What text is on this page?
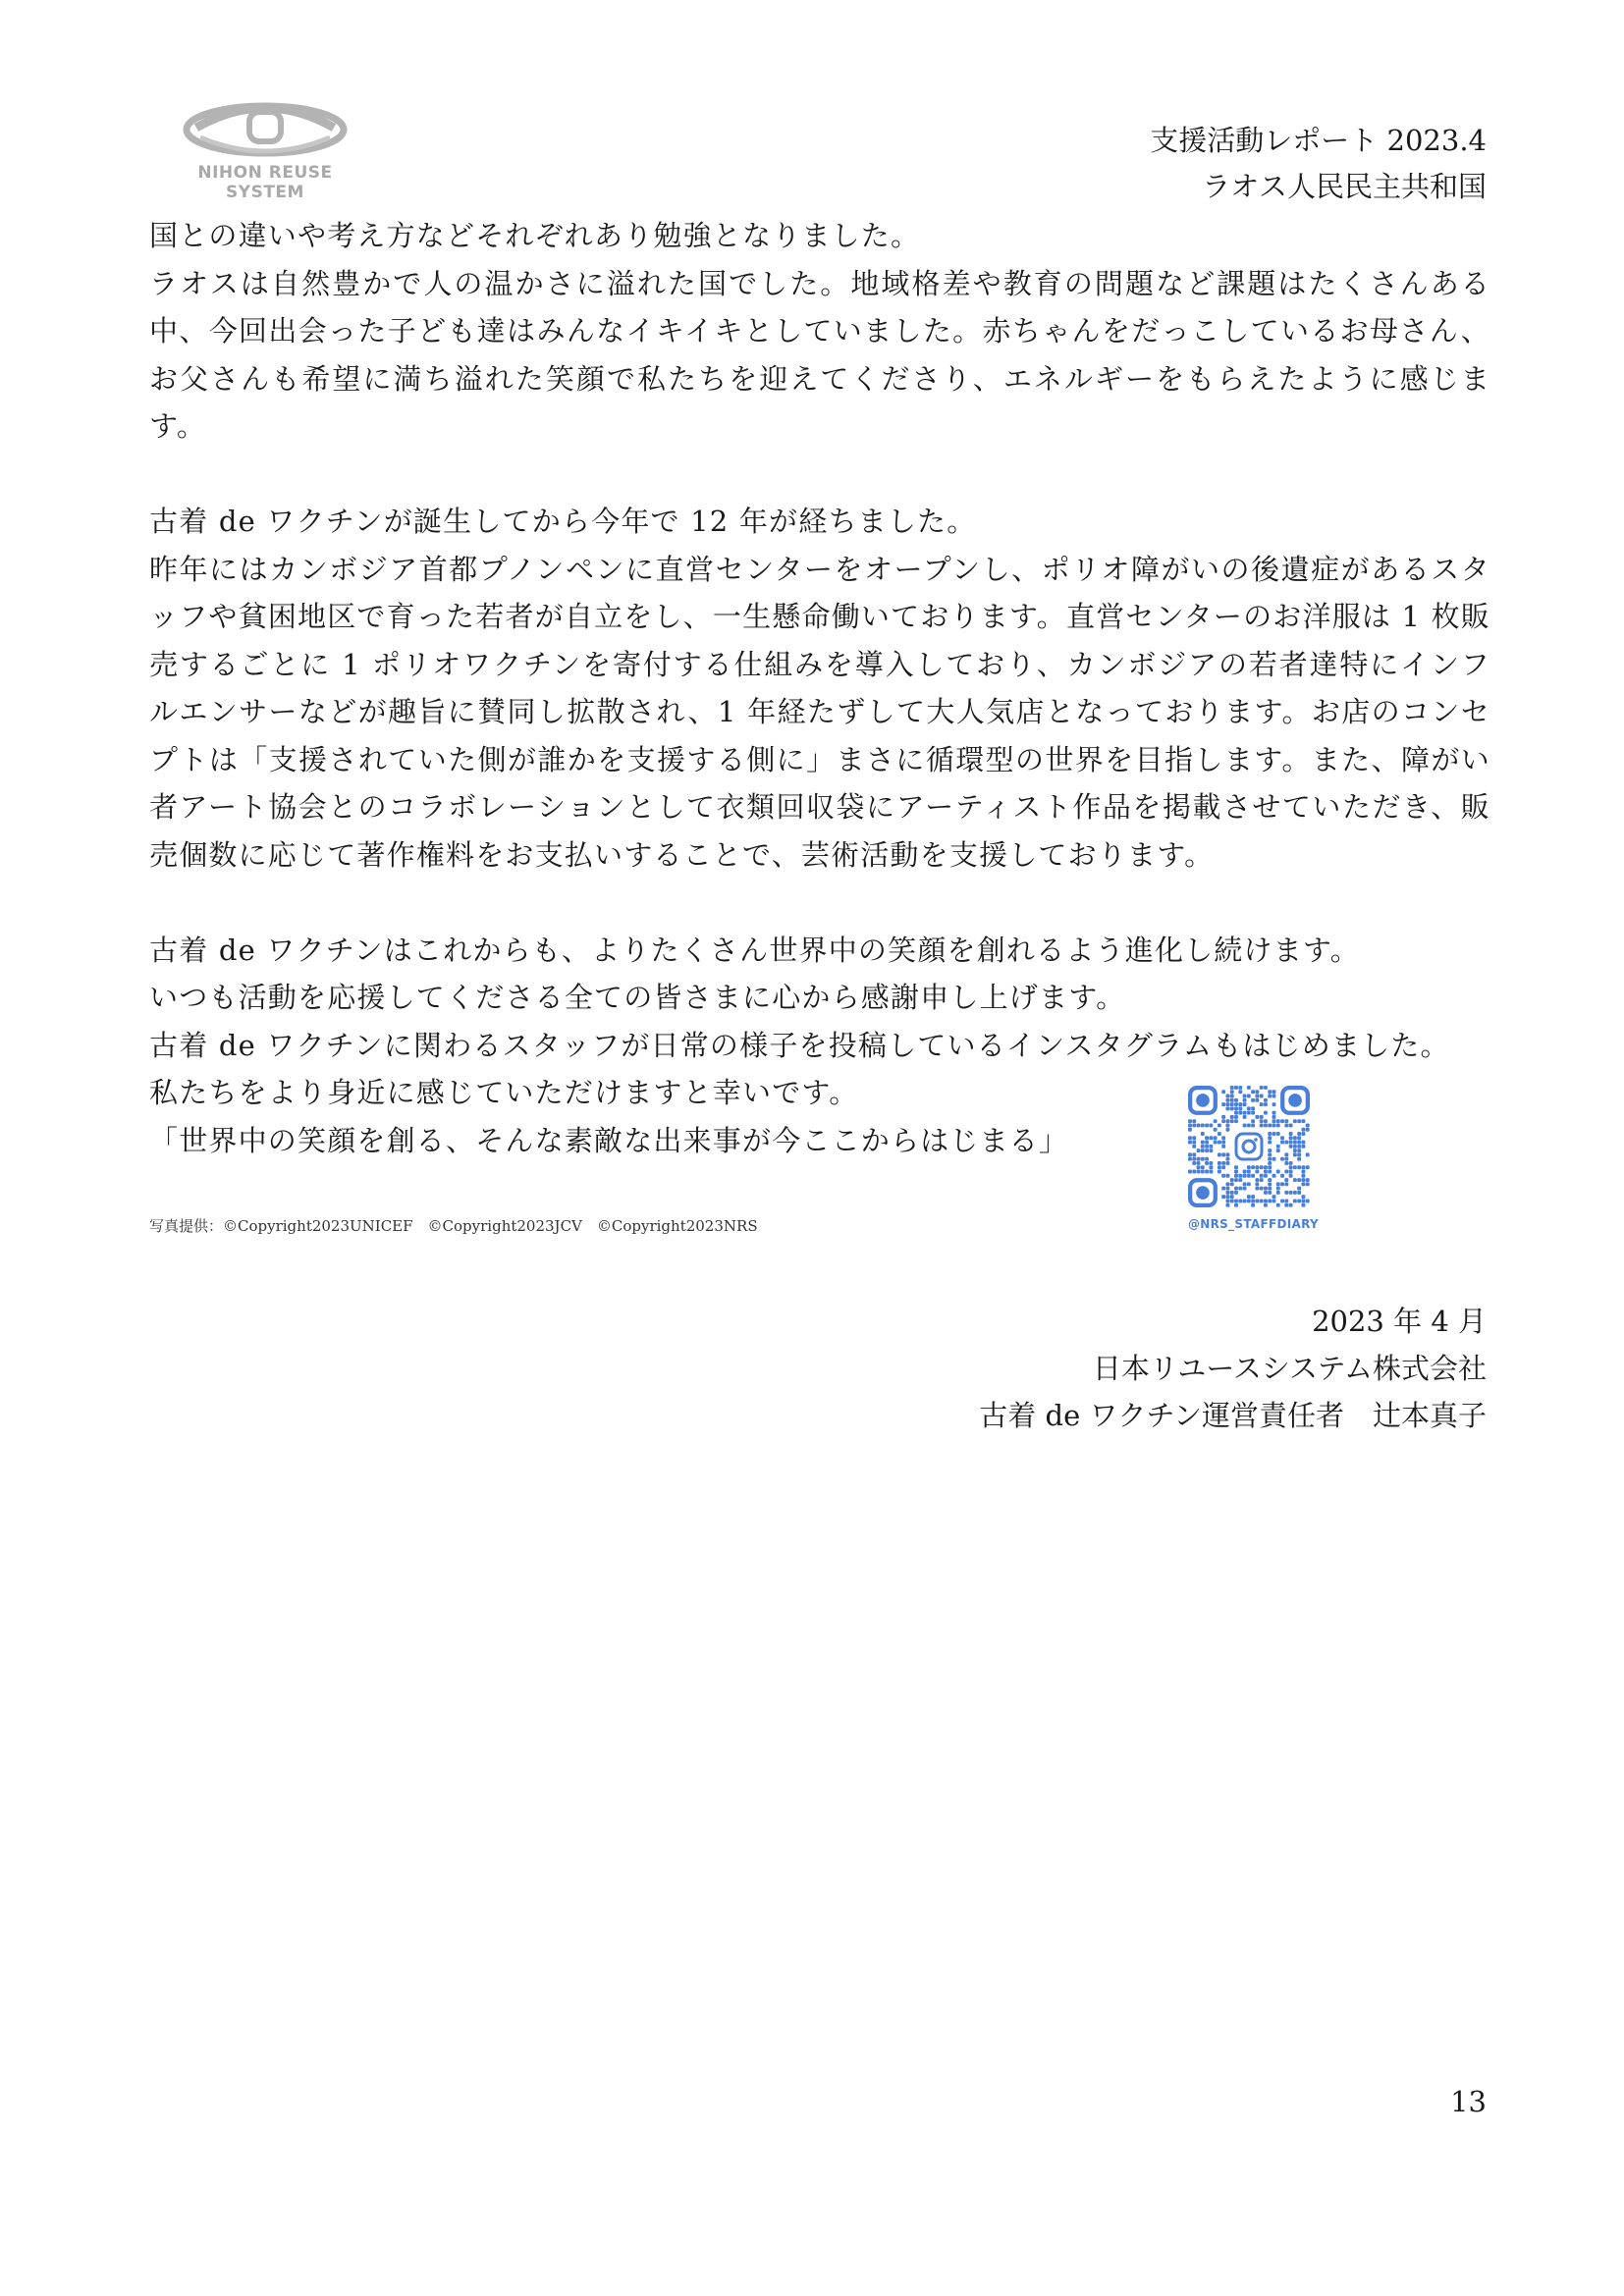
NIHON REUSE SYSTEM
支援活動レポート 2023.4
ラオス人民民主共和国

国との違いや考え方などそれぞれあり勉強となりました。

ラオスは自然豊かで人の温かさに溢れた国でした。地域格差や教育の問題など課題はたくさんある中、今回出会った子ども達はみんなイキイキとしていました。赤ちゃんをだっこしているお母さん、お父さんも希望に満ち溢れた笑顔で私たちを迎えてくださり、エネルギーをもらえたように感じます。

古着 de ワクチンが誕生してから今年で 12 年が経ちました。

昨年にはカンボジア首都プノンペンに直営センターをオープンし、ポリオ障がいの後遺症があるスタッフや貧困地区で育った若者が自立をし、一生懸命働いております。直営センターのお洋服は 1 枚販売するごとに 1 ポリオワクチンを寄付する仕組みを導入しており、カンボジアの若者達特にインフルエンサーなどが趣旨に賛同し拡散され、1 年経たずして大人気店となっております。お店のコンセプトは「支援されていた側が誰かを支援する側に」まさに循環型の世界を目指します。また、障がい者アート協会とのコラボレーションとして衣類回収袋にアーティスト作品を掲載させていただき、販売個数に応じて著作権料をお支払いすることで、芸術活動を支援しております。

古着 de ワクチンはこれからも、よりたくさん世界中の笑顔を創れるよう進化し続けます。

いつも活動を応援してくださる全ての皆さまに心から感謝申し上げます。

古着 de ワクチンに関わるスタッフが日常の様子を投稿しているインスタグラムもはじめました。

私たちをより身近に感じていただけますと幸いです。

「世界中の笑顔を創る、そんな素敵な出来事が今ここからはじまる」

写真提供：©Copyright2023UNICEF　©Copyright2023JCV　©Copyright2023NRS	@NRS_STAFFDIARY
2023 年 4 月
日本リユースシステム株式会社
古着 de ワクチン運営責任者　辻本真子
13
